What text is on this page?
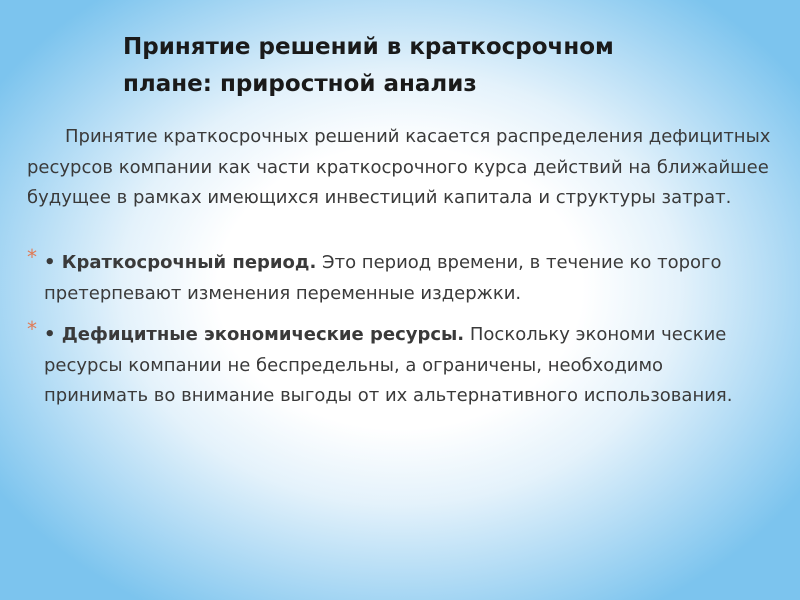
Принятие решений в краткосрочном
плане: приростной анализ

Принятие краткосрочных решений касается распределения дефицитных ресурсов компании как части краткосрочного курса действий на ближайшее будущее в рамках имеющихся инвестиций капитала и структуры затрат.

* • Краткосрочный период. Это период времени, в течение ко торого претерпевают изменения переменные издержки.

* • Дефицитные экономические ресурсы. Поскольку экономи ческие ресурсы компании не беспредельны, а ограничены, необходимо принимать во внимание выгоды от их альтернативного использования.
